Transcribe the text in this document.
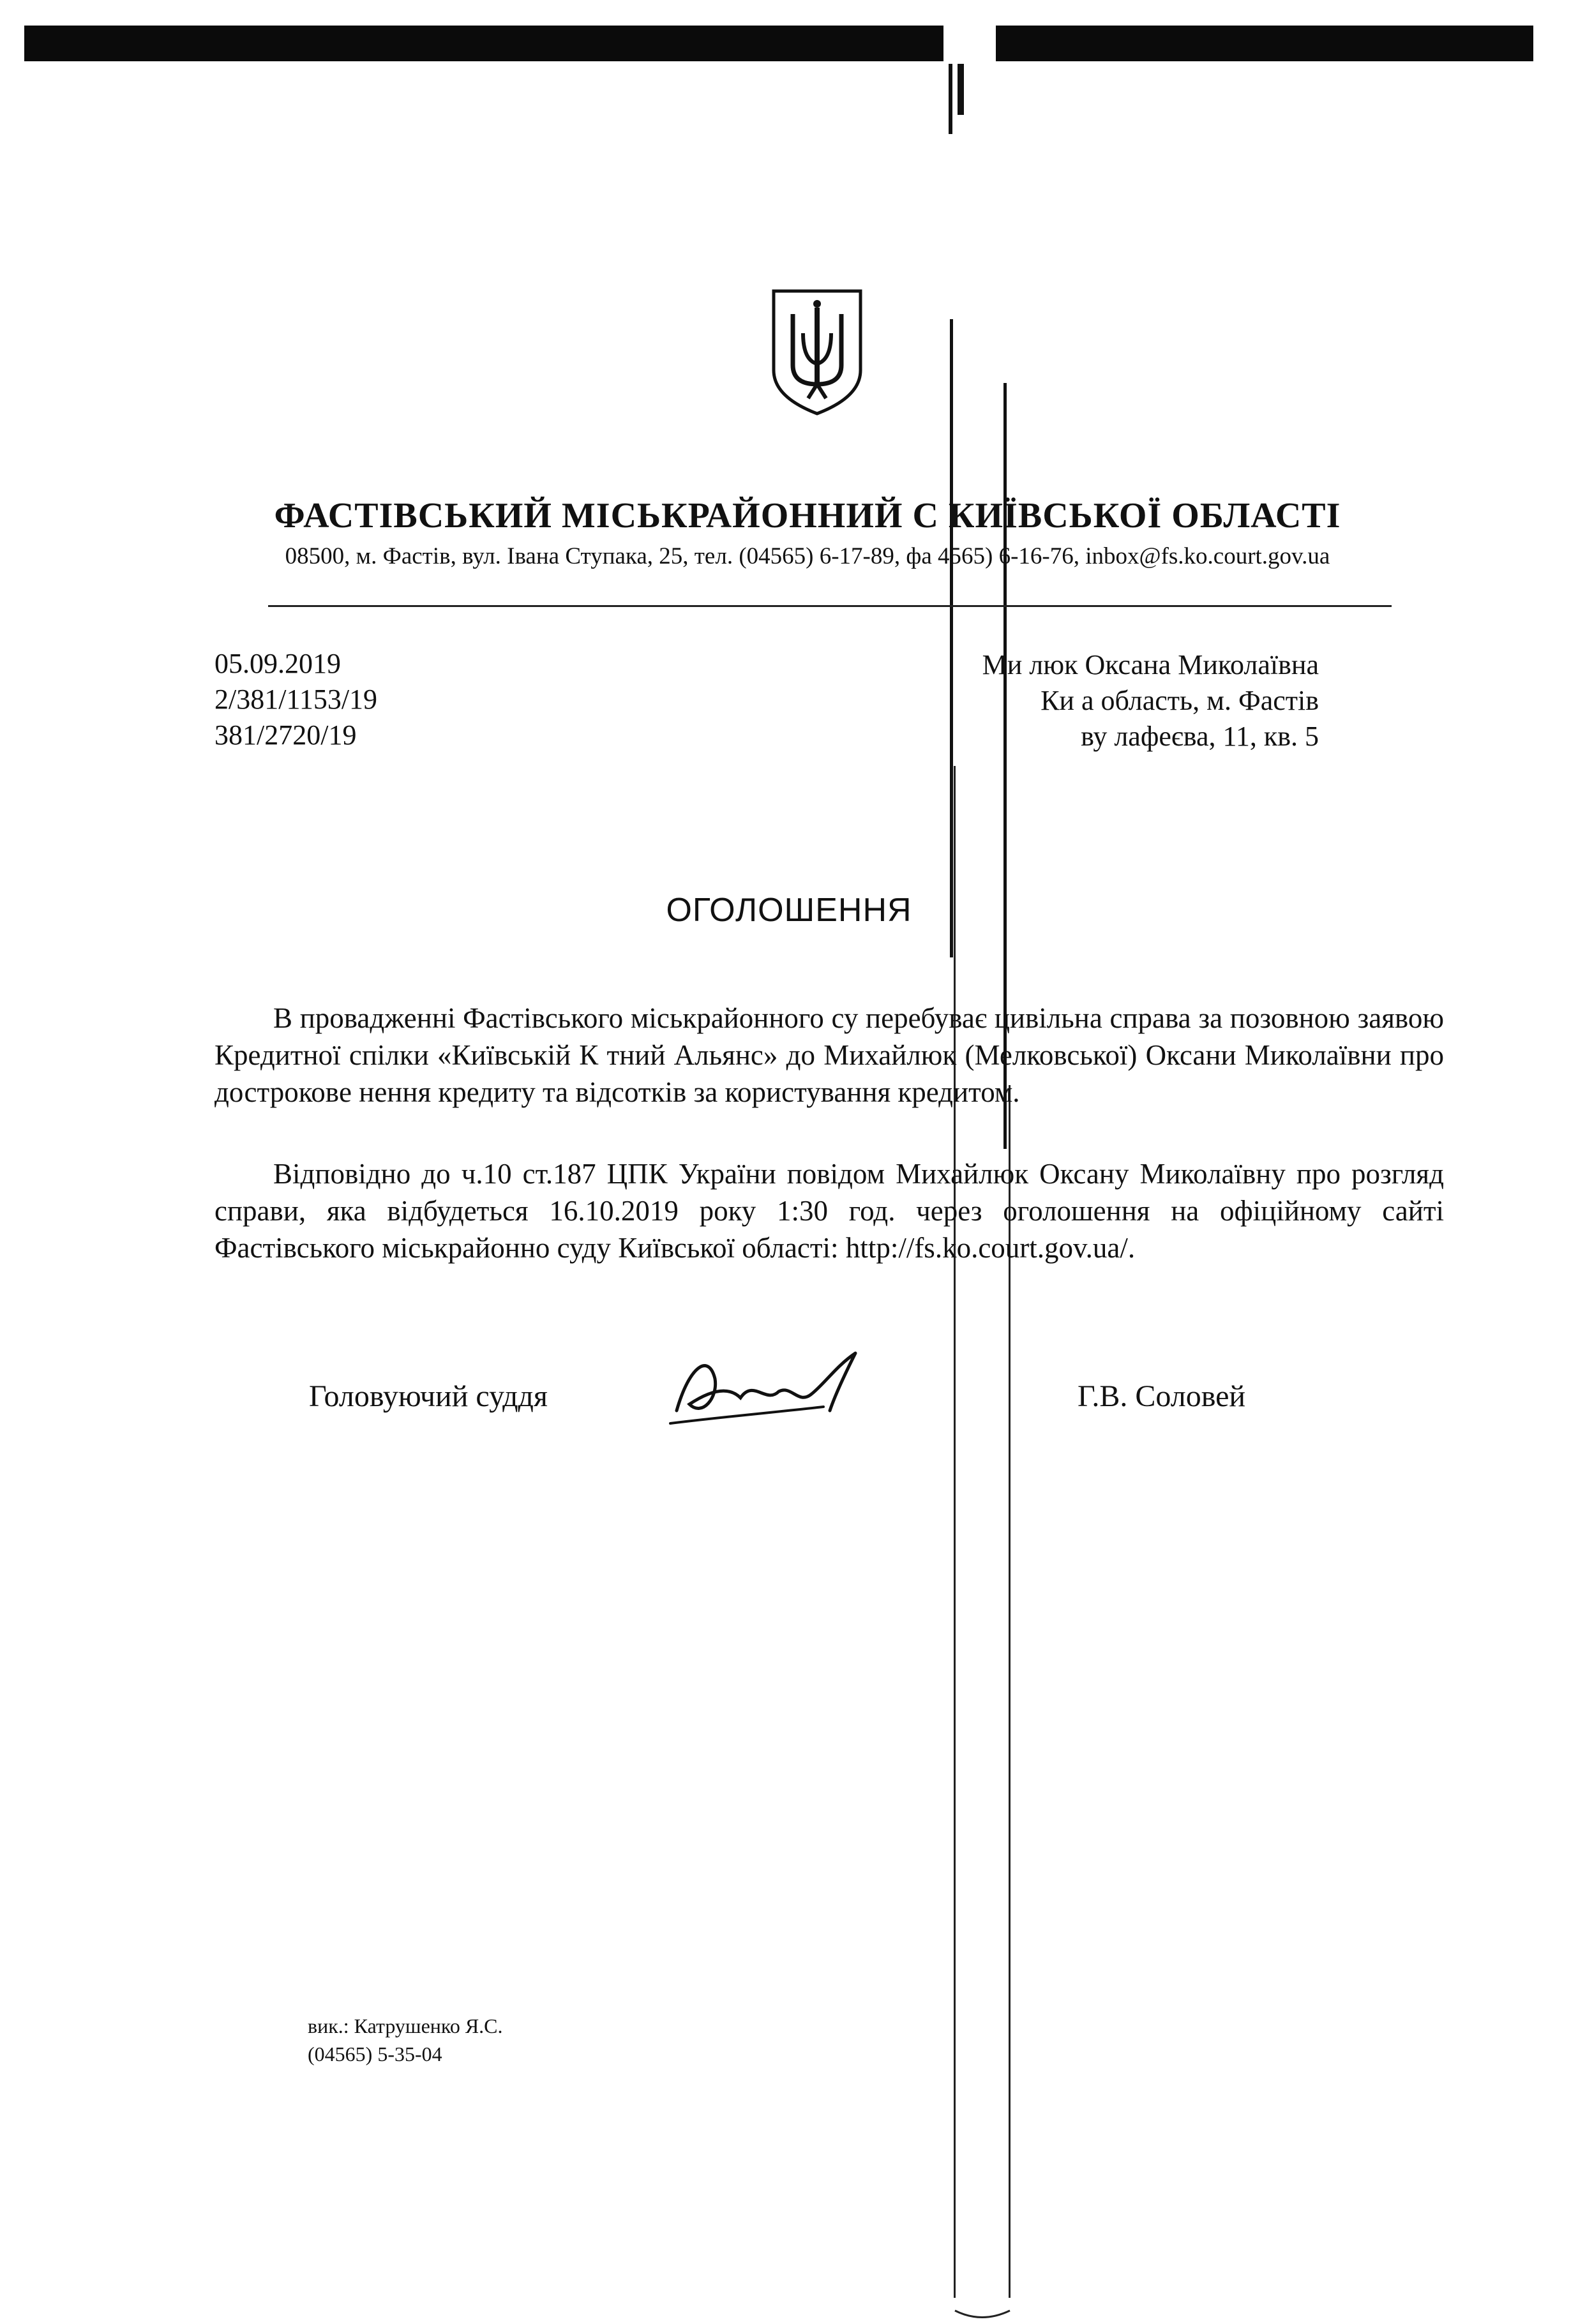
ФАСТІВСЬКИЙ МІСЬКРАЙОННИЙ С КИЇВСЬКОЇ ОБЛАСТІ
08500, м. Фастів, вул. Івана Ступака, 25, тел. (04565) 6-17-89, фа 4565) 6-16-76, inbox@fs.ko.court.gov.ua
05.09.2019
2/381/1153/19
381/2720/19
Ми люк Оксана Миколаївна
Ки а область, м. Фастів
ву лафеєва, 11, кв. 5
ОГОЛОШЕННЯ

В провадженні Фастівського міськрайонного су перебуває цивільна справа за позовною заявою Кредитної спілки «Київській К тний Альянс» до Михайлюк (Мелковської) Оксани Миколаївни про достроковe нення кредиту та відсотків за користування кредитом.

Відповідно до ч.10 ст.187 ЦПК України повідом Михайлюк Оксану Миколаївну про розгляд справи, яка відбудеться 16.10.2019 року 1:30 год. через оголошення на офіційному сайті Фастівського міськрайонно суду Київської області: http://fs.ko.court.gov.ua/.

Головуючий суддя	Г.В. Соловей
вик.: Катрушенко Я.С.
(04565) 5-35-04
